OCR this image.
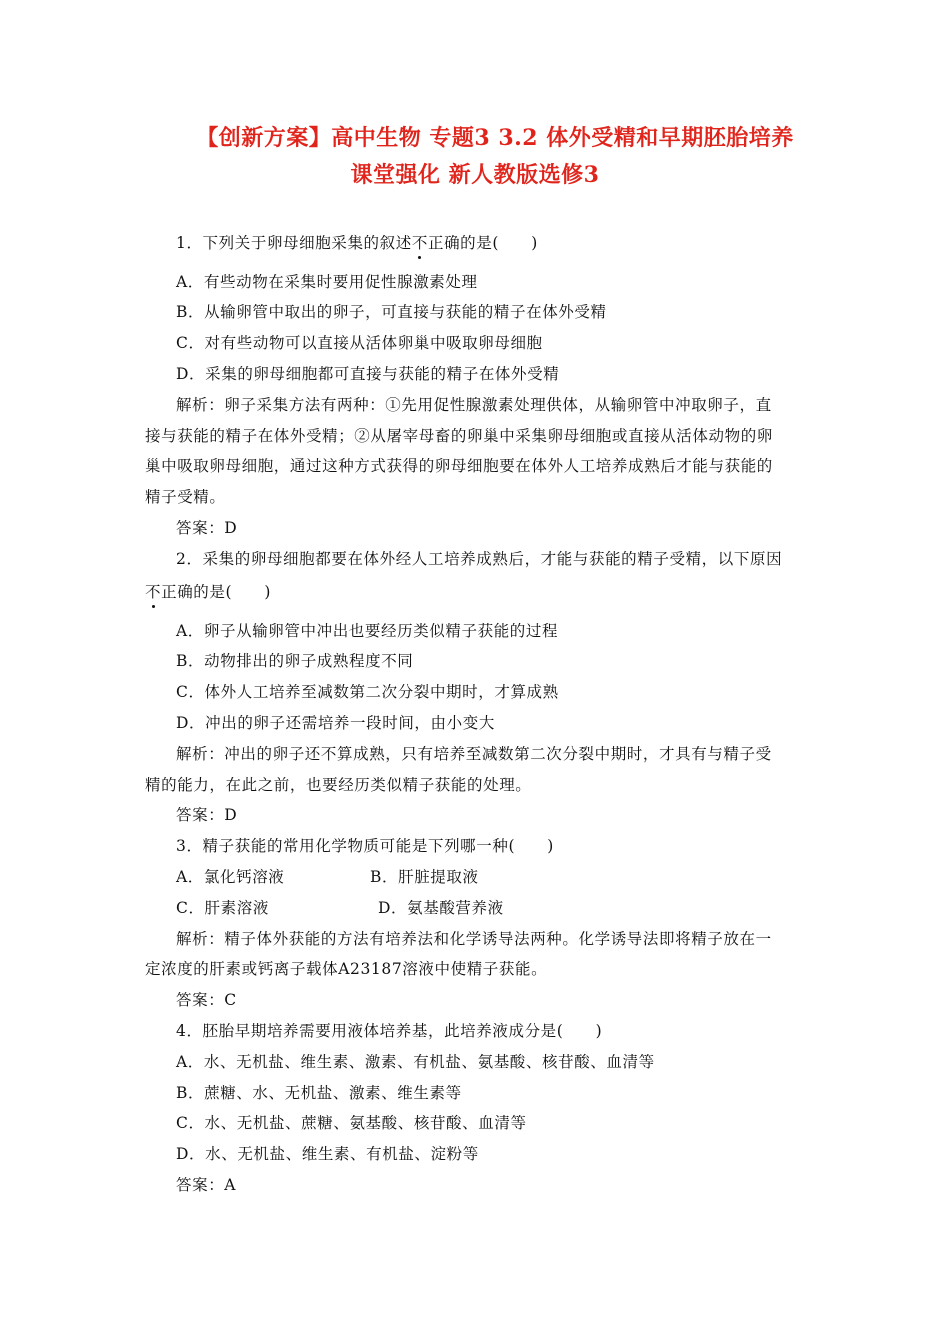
【创新方案】高中生物 专题3 3.2 体外受精和早期胚胎培养
课堂强化 新人教版选修3
1．下列关于卵母细胞采集的叙述不正确的是(　　)
A．有些动物在采集时要用促性腺激素处理
B．从输卵管中取出的卵子，可直接与获能的精子在体外受精
C．对有些动物可以直接从活体卵巢中吸取卵母细胞
D．采集的卵母细胞都可直接与获能的精子在体外受精
解析：卵子采集方法有两种：①先用促性腺激素处理供体，从输卵管中冲取卵子，直
接与获能的精子在体外受精；②从屠宰母畜的卵巢中采集卵母细胞或直接从活体动物的卵
巢中吸取卵母细胞，通过这种方式获得的卵母细胞要在体外人工培养成熟后才能与获能的
精子受精。
答案：D
2．采集的卵母细胞都要在体外经人工培养成熟后，才能与获能的精子受精，以下原因
不正确的是(　　)
A．卵子从输卵管中冲出也要经历类似精子获能的过程
B．动物排出的卵子成熟程度不同
C．体外人工培养至减数第二次分裂中期时，才算成熟
D．冲出的卵子还需培养一段时间，由小变大
解析：冲出的卵子还不算成熟，只有培养至减数第二次分裂中期时，才具有与精子受
精的能力，在此之前，也要经历类似精子获能的处理。
答案：D
3．精子获能的常用化学物质可能是下列哪一种(　　)
A．氯化钙溶液	B．肝脏提取液
C．肝素溶液	D．氨基酸营养液
解析：精子体外获能的方法有培养法和化学诱导法两种。化学诱导法即将精子放在一
定浓度的肝素或钙离子载体A23187溶液中使精子获能。
答案：C
4．胚胎早期培养需要用液体培养基，此培养液成分是(　　)
A．水、无机盐、维生素、激素、有机盐、氨基酸、核苷酸、血清等
B．蔗糖、水、无机盐、激素、维生素等
C．水、无机盐、蔗糖、氨基酸、核苷酸、血清等
D．水、无机盐、维生素、有机盐、淀粉等
答案：A
